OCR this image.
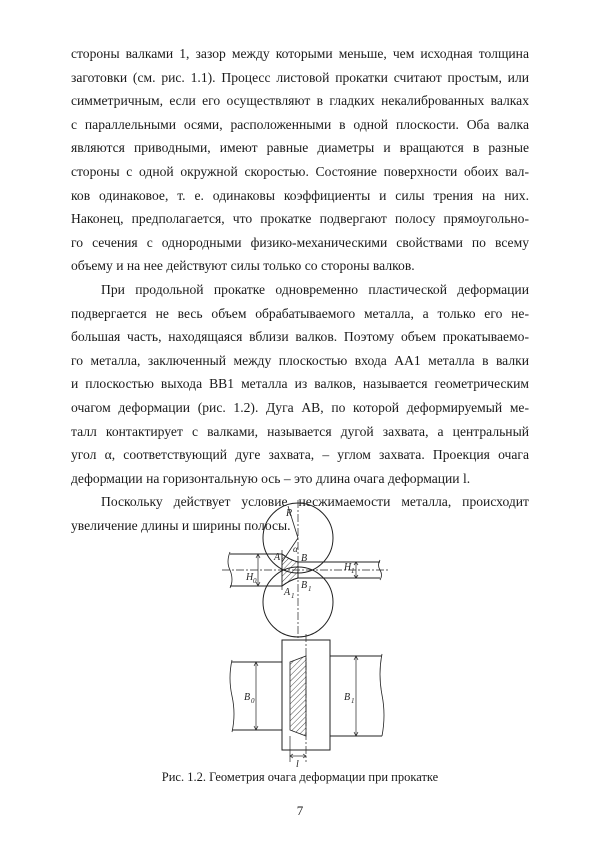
стороны валками 1, зазор между которыми меньше, чем исходная толщина
заготовки (см. рис. 1.1). Процесс листовой прокатки считают простым, или
симметричным, если его осуществляют в гладких некалиброванных валках
с параллельными осями, расположенными в одной плоскости. Оба валка
являются приводными, имеют равные диаметры и вращаются в разные
стороны с одной окружной скоростью. Состояние поверхности обоих вал-
ков одинаковое, т. е. одинаковы коэффициенты и силы трения на них.
Наконец, предполагается, что прокатке подвергают полосу прямоугольно-
го сечения с однородными физико-механическими свойствами по всему
объему и на нее действуют силы только со стороны валков.

При продольной прокатке одновременно пластической деформации
подвергается не весь объем обрабатываемого металла, а только его не-
большая часть, находящаяся вблизи валков. Поэтому объем прокатываемо-
го металла, заключенный между плоскостью входа AA1 металла в валки
и плоскостью выхода BB1 металла из валков, называется геометрическим
очагом деформации (рис. 1.2). Дуга AB, по которой деформируемый ме-
талл контактирует с валками, называется дугой захвата, а центральный
угол α, соответствующий дуге захвата, – углом захвата. Проекция очага
деформации на горизонтальную ось – это длина очага деформации l.

Поскольку действует условие несжимаемости металла, происходит
увеличение длины и ширины полосы.

R
α
A B
A 1
B 1
H 0
H 1
B 0	B 1
l
Рис. 1.2. Геометрия очага деформации при прокатке
7
